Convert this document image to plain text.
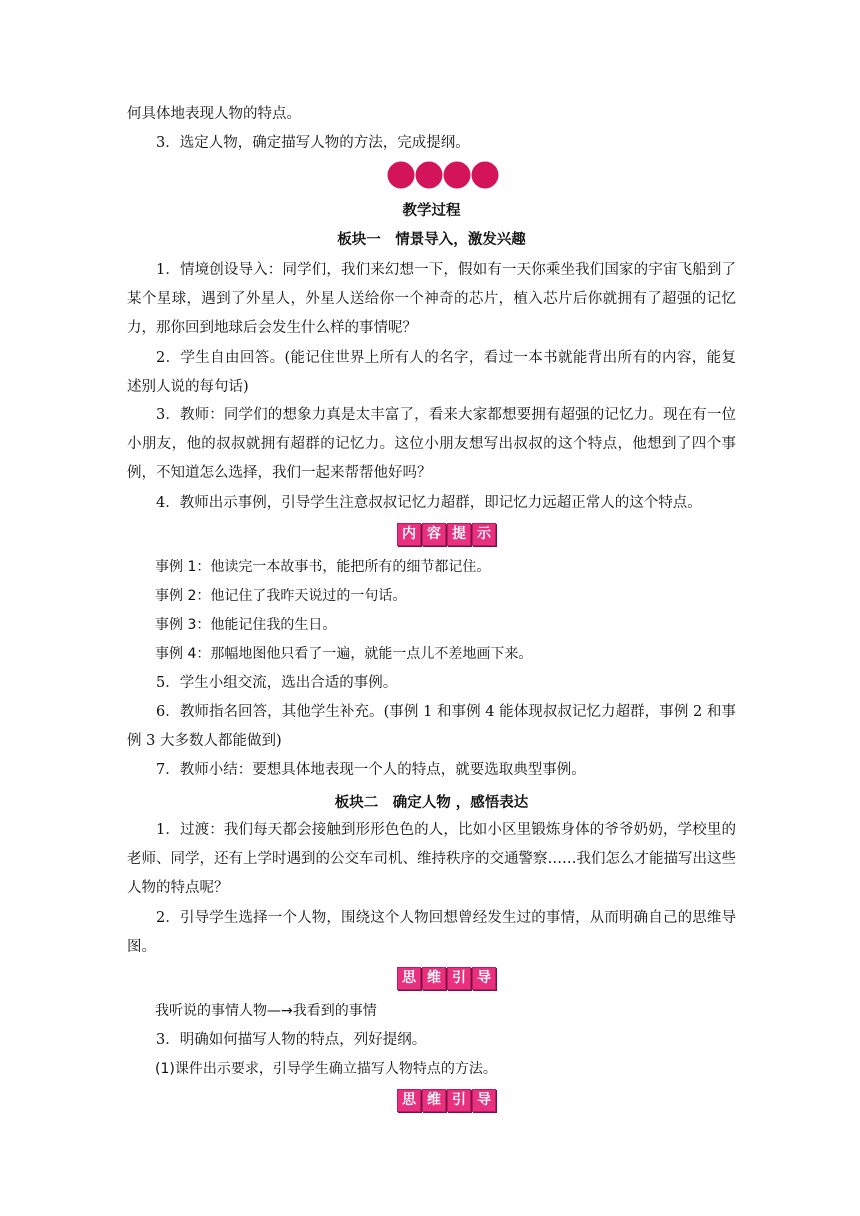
何具体地表现人物的特点。

3．选定人物，确定描写人物的方法，完成提纲。

教学过程

板块一　情景导入，激发兴趣

1．情境创设导入：同学们，我们来幻想一下，假如有一天你乘坐我们国家的宇宙飞船到了某个星球，遇到了外星人，外星人送给你一个神奇的芯片，植入芯片后你就拥有了超强的记忆力，那你回到地球后会发生什么样的事情呢？

2．学生自由回答。(能记住世界上所有人的名字，看过一本书就能背出所有的内容，能复述别人说的每句话)

3．教师：同学们的想象力真是太丰富了，看来大家都想要拥有超强的记忆力。现在有一位小朋友，他的叔叔就拥有超群的记忆力。这位小朋友想写出叔叔的这个特点，他想到了四个事例，不知道怎么选择，我们一起来帮帮他好吗？

4．教师出示事例，引导学生注意叔叔记忆力超群，即记忆力远超正常人的这个特点。

内 容 提 示

事例 1：他读完一本故事书，能把所有的细节都记住。

事例 2：他记住了我昨天说过的一句话。

事例 3：他能记住我的生日。

事例 4：那幅地图他只看了一遍，就能一点儿不差地画下来。

5．学生小组交流，选出合适的事例。

6．教师指名回答，其他学生补充。(事例 1 和事例 4 能体现叔叔记忆力超群，事例 2 和事例 3 大多数人都能做到)

7．教师小结：要想具体地表现一个人的特点，就要选取典型事例。

板块二　确定人物 ，感悟表达

1．过渡：我们每天都会接触到形形色色的人，比如小区里锻炼身体的爷爷奶奶，学校里的老师、同学，还有上学时遇到的公交车司机、维持秩序的交通警察……我们怎么才能描写出这些人物的特点呢？

2．引导学生选择一个人物，围绕这个人物回想曾经发生过的事情，从而明确自己的思维导图。

思 维 引 导

我听说的事情人物—→我看到的事情

3．明确如何描写人物的特点，列好提纲。

(1)课件出示要求，引导学生确立描写人物特点的方法。

思 维 引 导
